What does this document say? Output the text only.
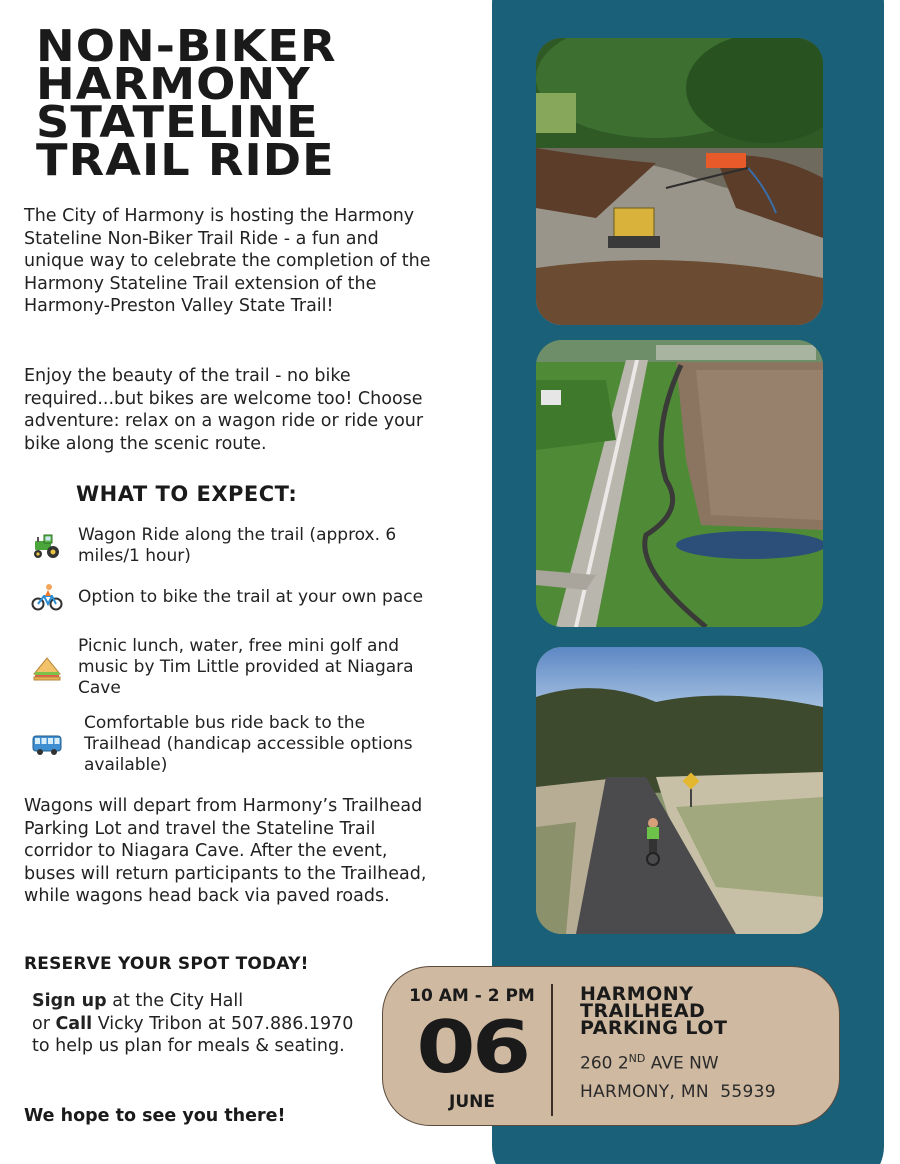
NON-BIKER
HARMONY
STATELINE
TRAIL RIDE

The City of Harmony is hosting the Harmony Stateline Non-Biker Trail Ride - a fun and unique way to celebrate the completion of the Harmony Stateline Trail extension of the Harmony-Preston Valley State Trail!

Enjoy the beauty of the trail - no bike required...but bikes are welcome too! Choose adventure: relax on a wagon ride or ride your bike along the scenic route.

WHAT TO EXPECT:
Wagon Ride along the trail (approx. 6 miles/1 hour)
Option to bike the trail at your own pace
Picnic lunch, water, free mini golf and music by Tim Little provided at Niagara Cave
Comfortable bus ride back to the Trailhead (handicap accessible options available)

Wagons will depart from Harmony’s Trailhead Parking Lot and travel the Stateline Trail corridor to Niagara Cave. After the event, buses will return participants to the Trailhead, while wagons head back via paved roads.

RESERVE YOUR SPOT TODAY!

Sign up at the City Hall
or Call Vicky Tribon at 507.886.1970 to help us plan for meals & seating.

We hope to see you there!

10 AM - 2 PM
06
JUNE
HARMONY
TRAILHEAD
PARKING LOT
260 2ND AVE NW
HARMONY, MN  55939
